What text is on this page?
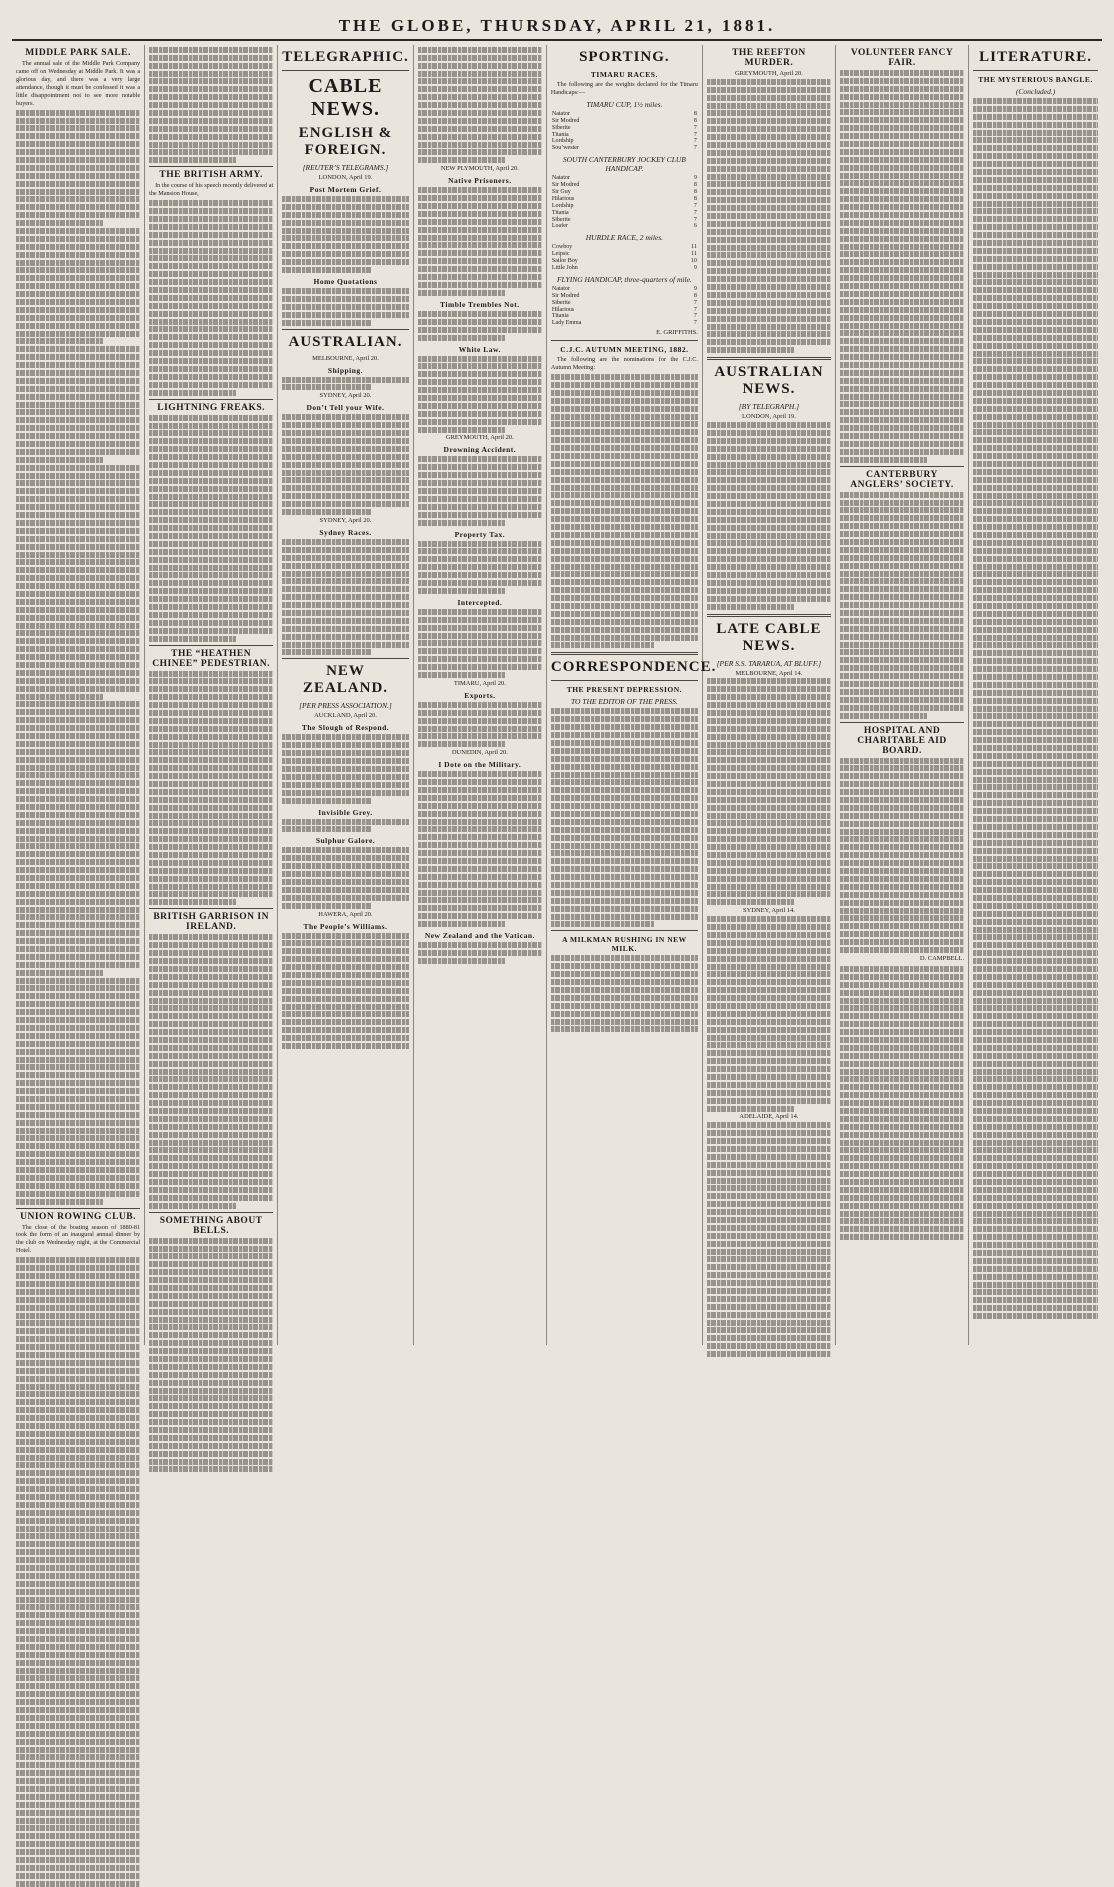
THE GLOBE, THURSDAY, APRIL 21, 1881.
MIDDLE PARK SALE.

The annual sale of the Middle Park Company came off on Wednesday at Middle Park. It was a glorious day, and there was a very large attendance, though it must be confessed it was a little disappointment not to see more notable buyers.

UNION ROWING CLUB.

The close of the boating season of 1880-81 took the form of an inaugural annual dinner by the club on Wednesday night, at the Commercial Hotel.

THE BRITISH ARMY.

In the course of his speech recently delivered at the Mansion House,

LIGHTNING FREAKS.
THE “HEATHEN CHINEE” PEDESTRIAN.
BRITISH GARRISON IN IRELAND.
SOMETHING ABOUT BELLS.
TELEGRAPHIC.
CABLE NEWS.
ENGLISH & FOREIGN.
[REUTER’S TELEGRAMS.]
LONDON, April 19.
Post Mortem Grief.
Home Quotations
AUSTRALIAN.
MELBOURNE, April 20.
Shipping.
SYDNEY, April 20.
Don’t Tell your Wife.
SYDNEY, April 20.
Sydney Races.
NEW ZEALAND.
[PER PRESS ASSOCIATION.]
AUCKLAND, April 20.
The Slough of Respond.
Invisible Grey.
Sulphur Galore.
HAWERA, April 20.
The People’s Williams.
NEW PLYMOUTH, April 20.
Native Prisoners.
Timble Trembles Not.
White Law.
GREYMOUTH, April 20.
Drowning Accident.
Property Tax.
Intercepted.
TIMARU, April 20.
Exports.
DUNEDIN, April 20.
I Dote on the Military.
New Zealand and the Vatican.
SPORTING.
TIMARU RACES.

The following are the weights declared for the Timaru Handicaps:—

TIMARU CUP, 1½ miles.
Natator	8
Sir Modred	8
Siberite	7
Titania	7
Lordship	7
Sou’wester	7
SOUTH CANTERBURY JOCKEY CLUB HANDICAP.
Natator	9
Sir Modred	8
Sir Guy	8
Hilarious	8
Lordship	7
Titania	7
Siberite	7
Loafer	6
HURDLE RACE, 2 miles.
Cowboy	11
Leipsic	11
Sailor Boy	10
Little John	9
FLYING HANDICAP, three-quarters of mile.
Natator	9
Sir Modred	8
Siberite	7
Hilarious	7
Titania	7
Lady Emma	7
E. GRIFFITHS.
C.J.C. AUTUMN MEETING, 1882.

The following are the nominations for the C.J.C. Autumn Meeting:

CORRESPONDENCE.
THE PRESENT DEPRESSION.
TO THE EDITOR OF THE PRESS.
A MILKMAN RUSHING IN NEW MILK.
THE REEFTON MURDER.
GREYMOUTH, April 20.
AUSTRALIAN NEWS.
[BY TELEGRAPH.]
LONDON, April 19.
LATE CABLE NEWS.
[PER S.S. TARARUA, AT BLUFF.]
MELBOURNE, April 14.
SYDNEY, April 14.
ADELAIDE, April 14.
VOLUNTEER FANCY FAIR.
CANTERBURY ANGLERS’ SOCIETY.
HOSPITAL AND CHARITABLE AID BOARD.
D. CAMPBELL.
LITERATURE.
THE MYSTERIOUS BANGLE.
(Concluded.)
